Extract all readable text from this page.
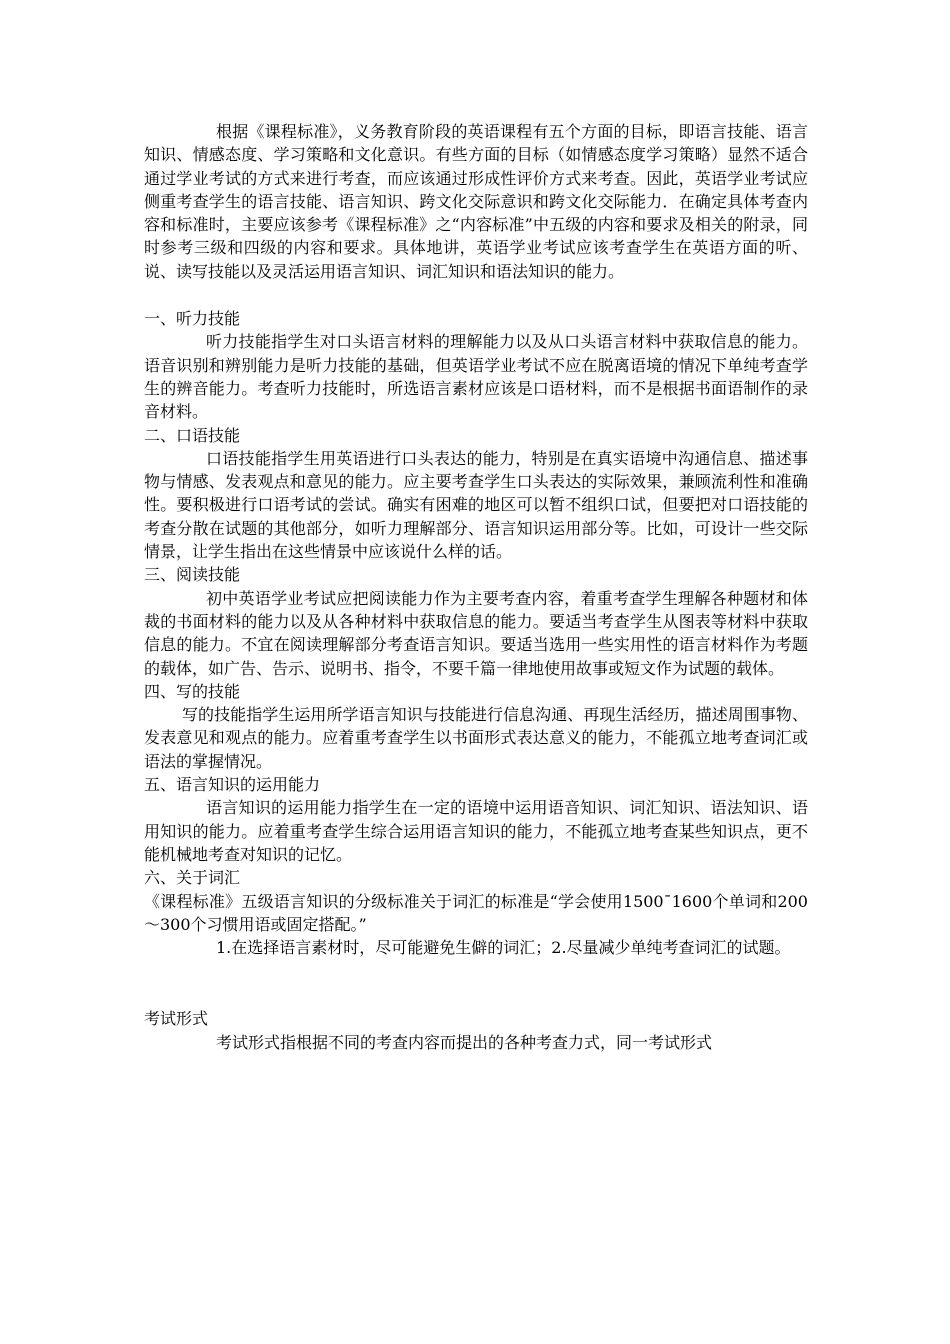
根据《课程标准》，义务教育阶段的英语课程有五个方面的目标，即语言技能、语言知识、情感态度、学习策略和文化意识。有些方面的目标（如情感态度学习策略）显然不适合通过学业考试的方式来进行考查，而应该通过形成性评价方式来考查。因此，英语学业考试应侧重考查学生的语言技能、语言知识、跨文化交际意识和跨文化交际能力．在确定具体考查内容和标准时，主要应该参考《课程标准》之“内容标准”中五级的内容和要求及相关的附录，同时参考三级和四级的内容和要求。具体地讲，英语学业考试应该考查学生在英语方面的听、说、读写技能以及灵活运用语言知识、词汇知识和语法知识的能力。

一、听力技能

听力技能指学生对口头语言材料的理解能力以及从口头语言材料中获取信息的能力。语音识别和辨别能力是听力技能的基础，但英语学业考试不应在脱离语境的情况下单纯考查学生的辨音能力。考查听力技能时，所选语言素材应该是口语材料，而不是根据书面语制作的录音材料。

二、口语技能

口语技能指学生用英语进行口头表达的能力，特别是在真实语境中沟通信息、描述事物与情感、发表观点和意见的能力。应主要考查学生口头表达的实际效果，兼顾流利性和准确性。要积极进行口语考试的尝试。确实有困难的地区可以暂不组织口试，但要把对口语技能的考查分散在试题的其他部分，如听力理解部分、语言知识运用部分等。比如，可设计一些交际情景，让学生指出在这些情景中应该说什么样的话。

三、阅读技能

初中英语学业考试应把阅读能力作为主要考查内容，着重考查学生理解各种题材和体裁的书面材料的能力以及从各种材料中获取信息的能力。要适当考查学生从图表等材料中获取信息的能力。不宜在阅读理解部分考查语言知识。要适当选用一些实用性的语言材料作为考题的载体，如广告、告示、说明书、指令，不要千篇一律地使用故事或短文作为试题的载体。

四、写的技能

写的技能指学生运用所学语言知识与技能进行信息沟通、再现生活经历，描述周围事物、发表意见和观点的能力。应着重考查学生以书面形式表达意义的能力，不能孤立地考查词汇或语法的掌握情况。

五、语言知识的运用能力

语言知识的运用能力指学生在一定的语境中运用语音知识、词汇知识、语法知识、语用知识的能力。应着重考查学生综合运用语言知识的能力，不能孤立地考查某些知识点，更不能机械地考查对知识的记忆。

六、关于词汇

《课程标准》五级语言知识的分级标准关于词汇的标准是“学会使用1500¯1600个单词和200～300个习惯用语或固定搭配。”

1.在选择语言素材时，尽可能避免生僻的词汇；2.尽量减少单纯考查词汇的试题。

考试形式

考试形式指根据不同的考查内容而提出的各种考查力式，同一考试形式
